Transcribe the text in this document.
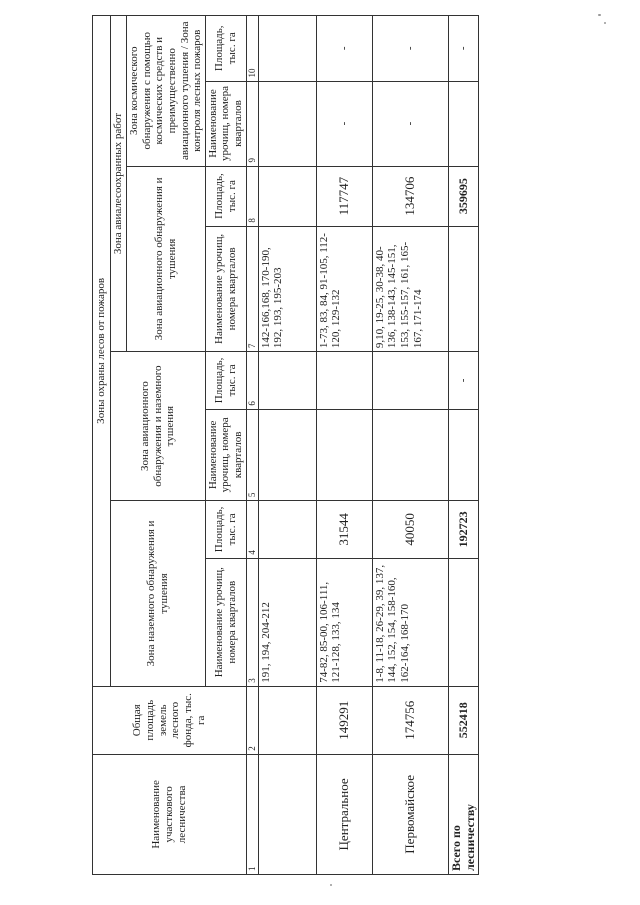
Наименование участкового лесничества	Общая площадь земель лесного фонда, тыс. га	Зоны охраны лесов от пожаров							
		Зона наземного обнаружения и тушения		Зона авиационного обнаружения и наземного тушения		Зона авиалесоохранных работ			
						Зона авиационного обнаружения и тушения		Зона космического обнаружения с помощью космических средств и преимущественно авиационного тушения / Зона контроля лесных пожаров	
		Наименование урочищ, номера кварталов	Площадь, тыс. га	Наименование урочищ, номера кварталов	Площадь, тыс. га	Наименование урочищ, номера кварталов	Площадь, тыс. га	Наименование урочищ, номера кварталов	Площадь, тыс. га
1	2	3	4	5	6	7	8	9	10
		191, 194, 204-212				142-166,168, 170-190, 192, 193, 195-203			
Центральное	149291	74-82, 85-00, 106-111, 121-128, 133, 134	31544			1-73, 83, 84, 91-105, 112-120, 129-132	117747	-	-
Первомайское	174756	1-8, 11-18, 26-29, 39, 137, 144, 152, 154, 158-160, 162-164, 168-170	40050			9,10, 19-25, 30-38, 40-136, 138-143, 145-151, 153, 155-157, 161, 165-167, 171-174	134706	-	-
Всего по лесничеству	552418		192723		-		359695		-
